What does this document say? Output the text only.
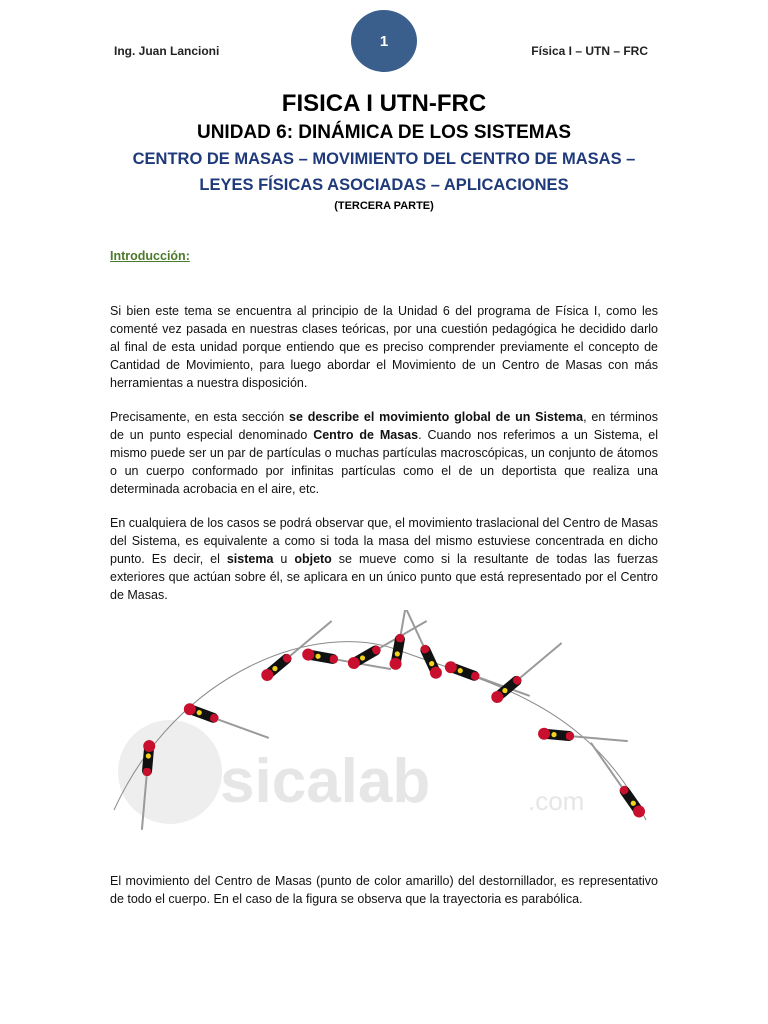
Ing. Juan Lancioni
1
Física I – UTN – FRC
FISICA I UTN-FRC
UNIDAD 6: DINÁMICA DE LOS SISTEMAS
CENTRO DE MASAS – MOVIMIENTO DEL CENTRO DE MASAS –
LEYES FÍSICAS ASOCIADAS – APLICACIONES
(TERCERA PARTE)
Introducción:
Si bien este tema se encuentra al principio de la Unidad 6 del programa de Física I, como les comenté vez pasada en nuestras clases teóricas, por una cuestión pedagógica he decidido darlo al final de esta unidad porque entiendo que es preciso comprender previamente el concepto de Cantidad de Movimiento, para luego abordar el Movimiento de un Centro de Masas con más herramientas a nuestra disposición.
Precisamente, en esta sección se describe el movimiento global de un Sistema, en términos de un punto especial denominado Centro de Masas. Cuando nos referimos a un Sistema, el mismo puede ser un par de partículas o muchas partículas macroscópicas, un conjunto de átomos o un cuerpo conformado por infinitas partículas como el de un deportista que realiza una determinada acrobacia en el aire, etc.
En cualquiera de los casos se podrá observar que, el movimiento traslacional del Centro de Masas del Sistema, es equivalente a como si toda la masa del mismo estuviese concentrada en dicho punto. Es decir, el sistema u objeto se mueve como si la resultante de todas las fuerzas exteriores que actúan sobre él, se aplicara en un único punto que está representado por el Centro de Masas.
sicalab	.com
El movimiento del Centro de Masas (punto de color amarillo) del destornillador, es representativo de todo el cuerpo. En el caso de la figura se observa que la trayectoria es parabólica.
